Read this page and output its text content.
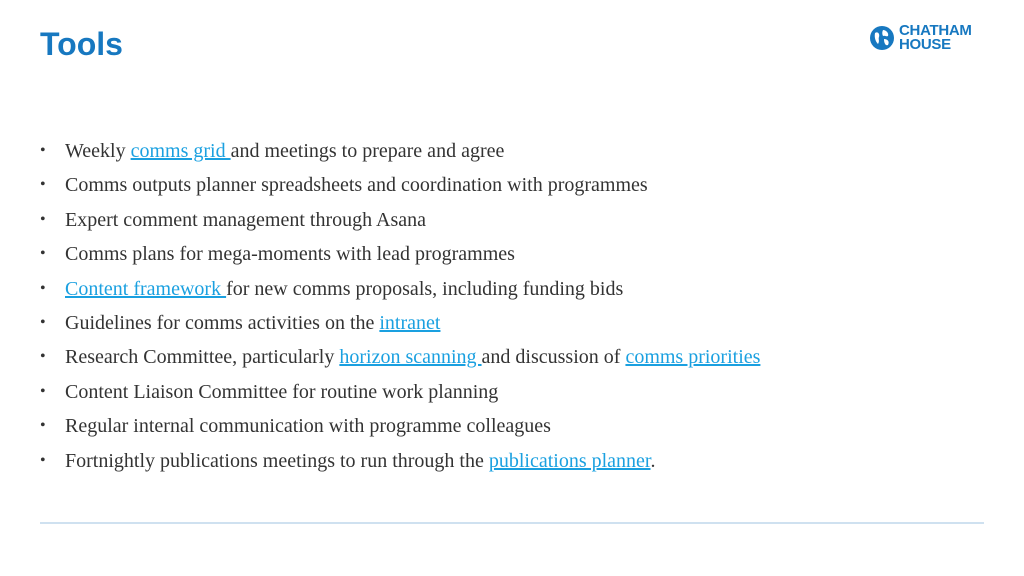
Tools	CHATHAM
HOUSE
• Weekly comms grid and meetings to prepare and agree
• Comms outputs planner spreadsheets and coordination with programmes
• Expert comment management through Asana
• Comms plans for mega-moments with lead programmes
• Content framework for new comms proposals, including funding bids
• Guidelines for comms activities on the intranet
• Research Committee, particularly horizon scanning and discussion of comms priorities
• Content Liaison Committee for routine work planning
• Regular internal communication with programme colleagues
• Fortnightly publications meetings to run through the publications planner.
